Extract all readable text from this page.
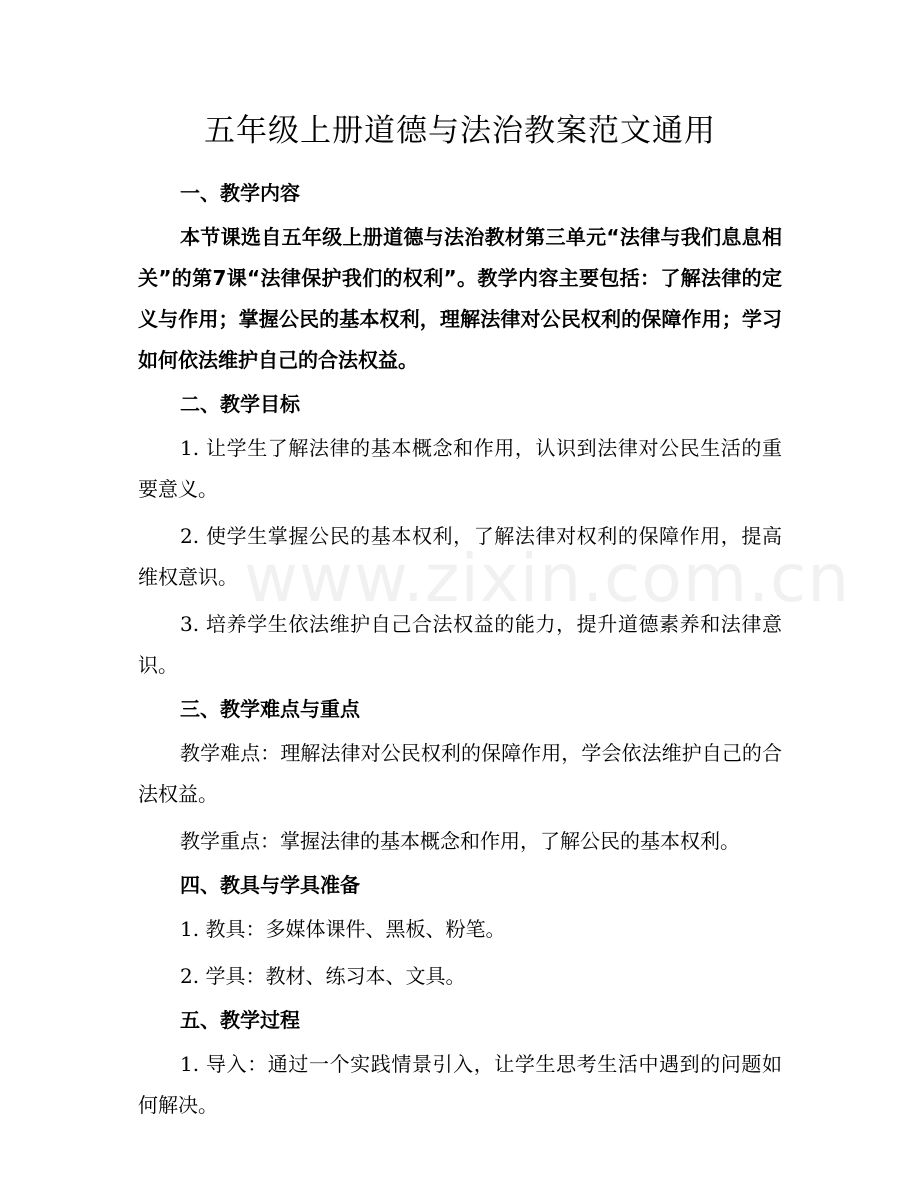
五年级上册道德与法治教案范文通用
一、教学内容

本节课选自五年级上册道德与法治教材第三单元“法律与我们息息相关”的第7课“法律保护我们的权利”。教学内容主要包括：了解法律的定义与作用；掌握公民的基本权利，理解法律对公民权利的保障作用；学习如何依法维护自己的合法权益。

二、教学目标

1. 让学生了解法律的基本概念和作用，认识到法律对公民生活的重要意义。

2. 使学生掌握公民的基本权利，了解法律对权利的保障作用，提高维权意识。

3. 培养学生依法维护自己合法权益的能力，提升道德素养和法律意识。

三、教学难点与重点

教学难点：理解法律对公民权利的保障作用，学会依法维护自己的合法权益。

教学重点：掌握法律的基本概念和作用，了解公民的基本权利。

四、教具与学具准备

1. 教具：多媒体课件、黑板、粉笔。

2. 学具：教材、练习本、文具。

五、教学过程

1. 导入：通过一个实践情景引入，让学生思考生活中遇到的问题如何解决。

www.zixin.com.cn
